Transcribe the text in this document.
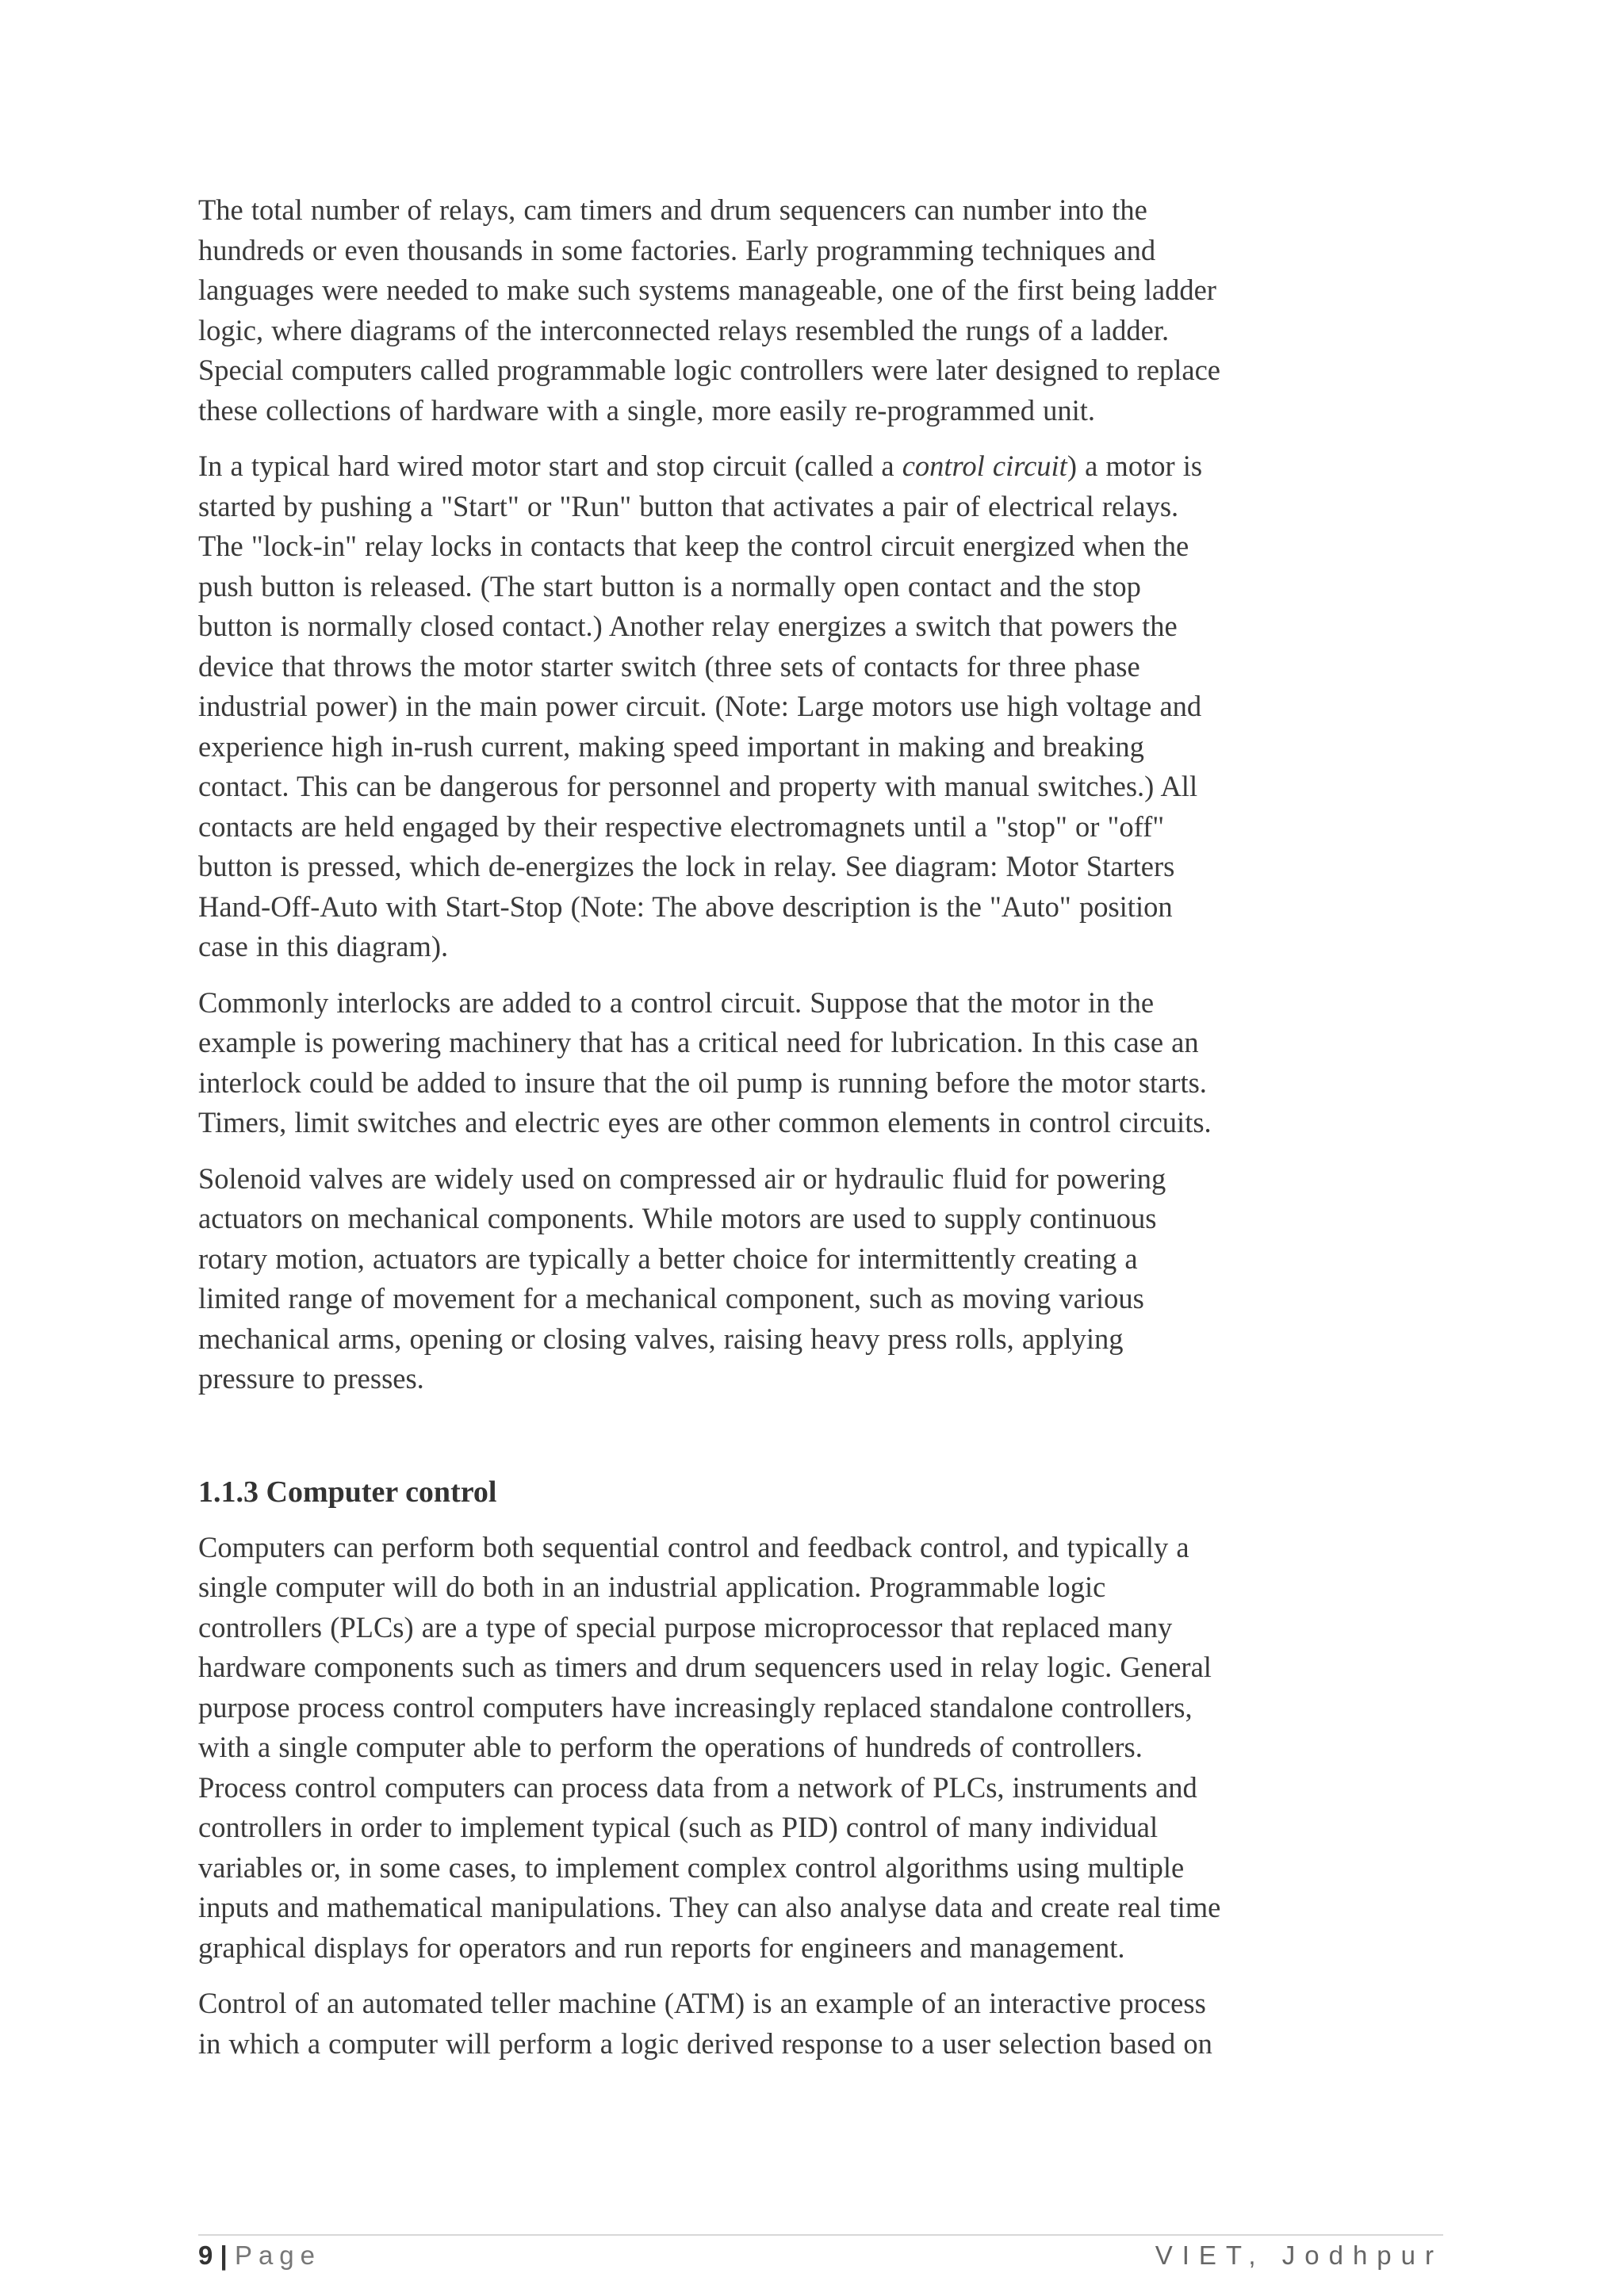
The total number of relays, cam timers and drum sequencers can number into the
hundreds or even thousands in some factories. Early programming techniques and
languages were needed to make such systems manageable, one of the first being ladder
logic, where diagrams of the interconnected relays resembled the rungs of a ladder.
Special computers called programmable logic controllers were later designed to replace
these collections of hardware with a single, more easily re-programmed unit.

In a typical hard wired motor start and stop circuit (called a control circuit) a motor is
started by pushing a "Start" or "Run" button that activates a pair of electrical relays.
The "lock-in" relay locks in contacts that keep the control circuit energized when the
push button is released. (The start button is a normally open contact and the stop
button is normally closed contact.) Another relay energizes a switch that powers the
device that throws the motor starter switch (three sets of contacts for three phase
industrial power) in the main power circuit. (Note: Large motors use high voltage and
experience high in-rush current, making speed important in making and breaking
contact. This can be dangerous for personnel and property with manual switches.) All
contacts are held engaged by their respective electromagnets until a "stop" or "off"
button is pressed, which de-energizes the lock in relay. See diagram: Motor Starters
Hand-Off-Auto with Start-Stop (Note: The above description is the "Auto" position
case in this diagram).

Commonly interlocks are added to a control circuit. Suppose that the motor in the
example is powering machinery that has a critical need for lubrication. In this case an
interlock could be added to insure that the oil pump is running before the motor starts.
Timers, limit switches and electric eyes are other common elements in control circuits.

Solenoid valves are widely used on compressed air or hydraulic fluid for powering
actuators on mechanical components. While motors are used to supply continuous
rotary motion, actuators are typically a better choice for intermittently creating a
limited range of movement for a mechanical component, such as moving various
mechanical arms, opening or closing valves, raising heavy press rolls, applying
pressure to presses.

1.1.3 Computer control

Computers can perform both sequential control and feedback control, and typically a
single computer will do both in an industrial application. Programmable logic
controllers (PLCs) are a type of special purpose microprocessor that replaced many
hardware components such as timers and drum sequencers used in relay logic. General
purpose process control computers have increasingly replaced standalone controllers,
with a single computer able to perform the operations of hundreds of controllers.
Process control computers can process data from a network of PLCs, instruments and
controllers in order to implement typical (such as PID) control of many individual
variables or, in some cases, to implement complex control algorithms using multiple
inputs and mathematical manipulations. They can also analyse data and create real time
graphical displays for operators and run reports for engineers and management.

Control of an automated teller machine (ATM) is an example of an interactive process
in which a computer will perform a logic derived response to a user selection based on

9 | Page	VIET, Jodhpur
